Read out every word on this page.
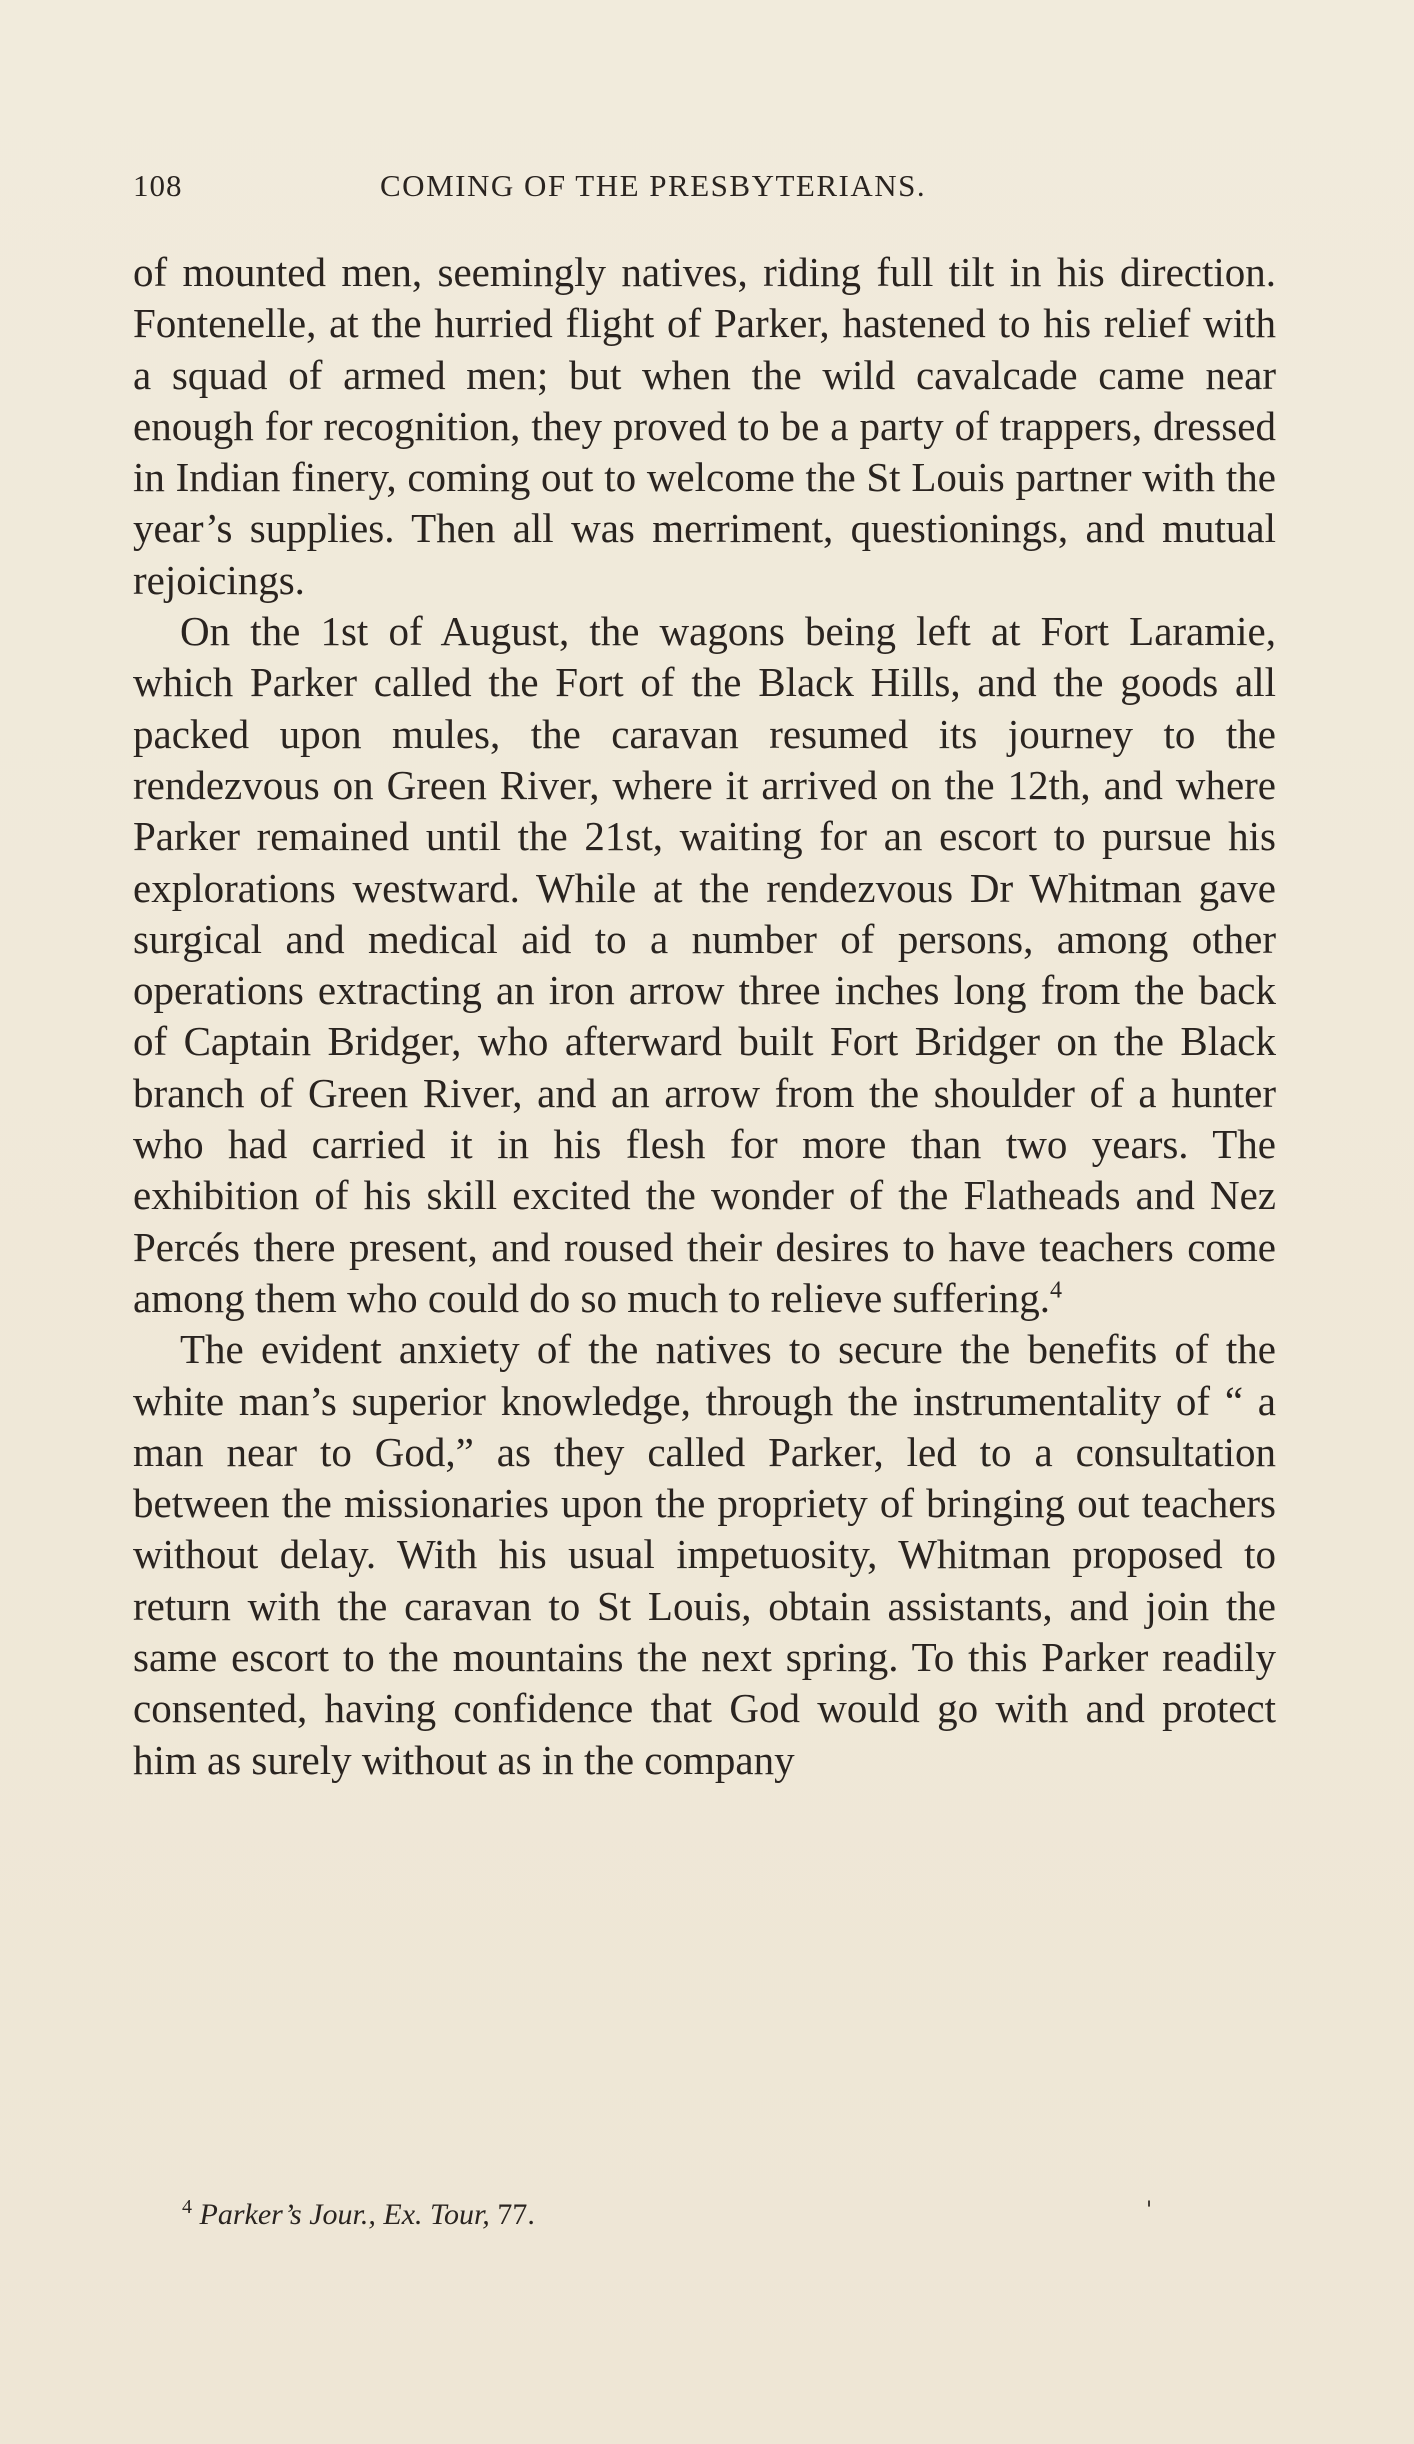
108	COMING OF THE PRESBYTERIANS.

of mounted men, seemingly natives, riding full tilt in his direction. Fontenelle, at the hurried flight of Parker, hastened to his relief with a squad of armed men; but when the wild cavalcade came near enough for recognition, they proved to be a party of trappers, dressed in Indian finery, coming out to welcome the St Louis partner with the year’s supplies. Then all was merriment, questionings, and mutual rejoicings.

On the 1st of August, the wagons being left at Fort Laramie, which Parker called the Fort of the Black Hills, and the goods all packed upon mules, the caravan resumed its journey to the rendezvous on Green River, where it arrived on the 12th, and where Parker remained until the 21st, waiting for an escort to pursue his explorations westward. While at the rendezvous Dr Whitman gave surgical and medical aid to a number of persons, among other operations extracting an iron arrow three inches long from the back of Captain Bridger, who afterward built Fort Bridger on the Black branch of Green River, and an arrow from the shoulder of a hunter who had carried it in his flesh for more than two years. The exhibition of his skill excited the wonder of the Flatheads and Nez Percés there present, and roused their desires to have teachers come among them who could do so much to relieve suffering.$^4$

The evident anxiety of the natives to secure the benefits of the white man’s superior knowledge, through the instrumentality of “ a man near to God,” as they called Parker, led to a consultation between the missionaries upon the propriety of bringing out teachers without delay. With his usual impetuosity, Whitman proposed to return with the caravan to St Louis, obtain assistants, and join the same escort to the mountains the next spring. To this Parker readily consented, having confidence that God would go with and protect him as surely without as in the company

$^4$ Parker’s Jour., Ex. Tour, 77.	'
